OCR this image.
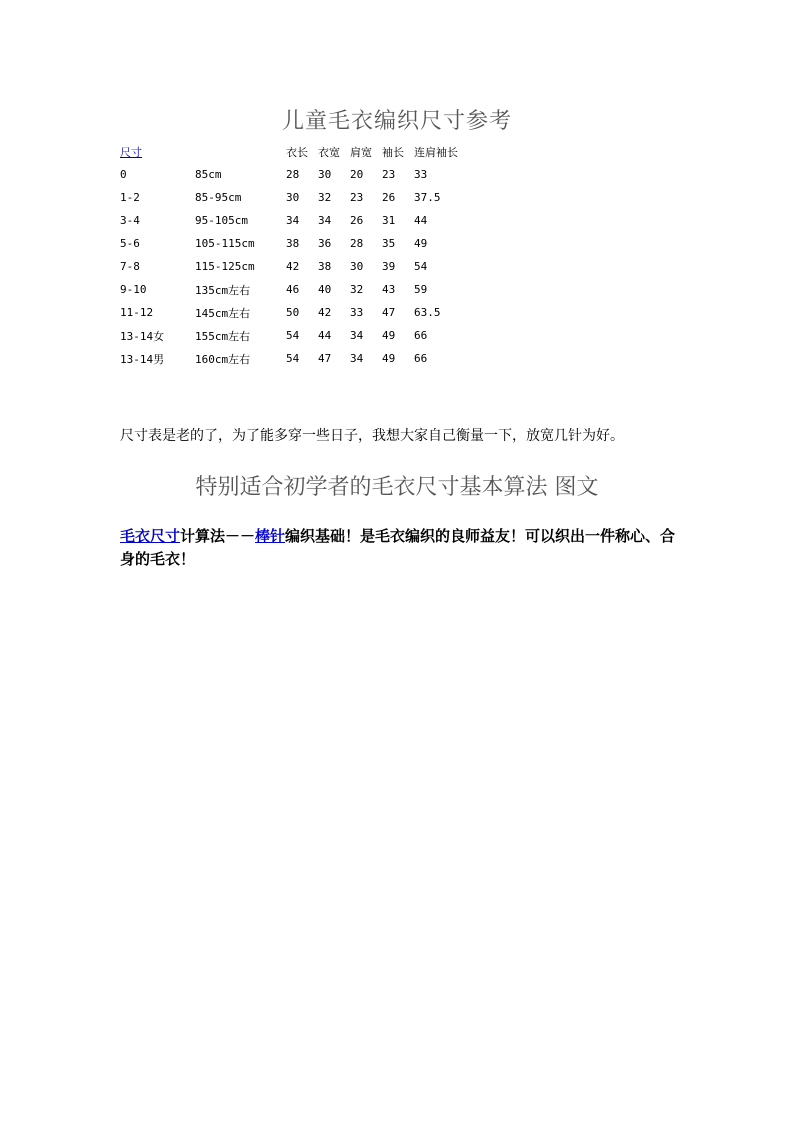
儿童毛衣编织尺寸参考
尺寸		衣长	衣宽	肩宽	袖长	连肩袖长
0	85cm	28	30	20	23	33
1-2	85-95cm	30	32	23	26	37.5
3-4	95-105cm	34	34	26	31	44
5-6	105-115cm	38	36	28	35	49
7-8	115-125cm	42	38	30	39	54
9-10	135cm左右	46	40	32	43	59
11-12	145cm左右	50	42	33	47	63.5
13-14女	155cm左右	54	44	34	49	66
13-14男	160cm左右	54	47	34	49	66

尺寸表是老的了，为了能多穿一些日子，我想大家自己衡量一下，放宽几针为好。

特别适合初学者的毛衣尺寸基本算法 图文

毛衣尺寸计算法－－棒针编织基础！是毛衣编织的良师益友！可以织出一件称心、合身的毛衣！
